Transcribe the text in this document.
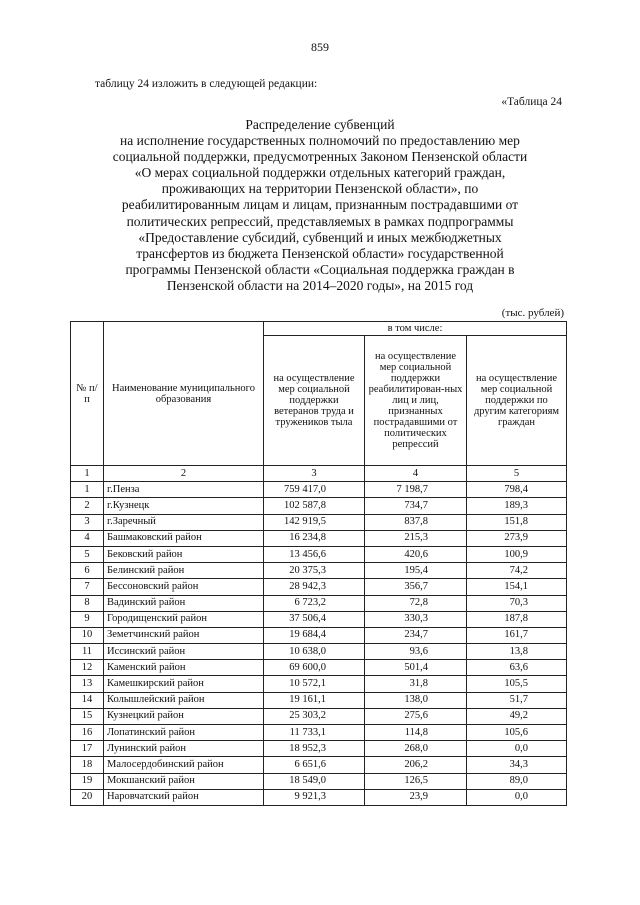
859
таблицу 24 изложить в следующей редакции:
«Таблица 24
Распределение субвенций
на исполнение государственных полномочий по предоставлению мер
социальной поддержки, предусмотренных Законом Пензенской области
«О мерах социальной поддержки отдельных категорий граждан,
проживающих на территории Пензенской области», по
реабилитированным лицам и лицам, признанным пострадавшими от
политических репрессий, представляемых в рамках подпрограммы
«Предоставление субсидий, субвенций и иных межбюджетных
трансфертов из бюджета Пензенской области» государственной
программы Пензенской области «Социальная поддержка граждан в
Пензенской области на 2014–2020 годы», на 2015 год
(тыс. рублей)
№ п/п	Наименование муниципального образования	в том числе:		
		на осуществление мер социальной поддержки ветеранов труда и тружеников тыла	на осуществление мер социальной поддержки реабилитирован-ных лиц и лиц, признанных пострадавшими от политических репрессий	на осуществление мер социальной поддержки по другим категориям граждан
1	2	3	4	5
1	г.Пенза	759 417,0	7 198,7	798,4
2	г.Кузнецк	102 587,8	734,7	189,3
3	г.Заречный	142 919,5	837,8	151,8
4	Башмаковский район	16 234,8	215,3	273,9
5	Бековский район	13 456,6	420,6	100,9
6	Белинский район	20 375,3	195,4	74,2
7	Бессоновский район	28 942,3	356,7	154,1
8	Вадинский район	6 723,2	72,8	70,3
9	Городищенский район	37 506,4	330,3	187,8
10	Земетчинский район	19 684,4	234,7	161,7
11	Иссинский район	10 638,0	93,6	13,8
12	Каменский район	69 600,0	501,4	63,6
13	Камешкирский район	10 572,1	31,8	105,5
14	Колышлейский район	19 161,1	138,0	51,7
15	Кузнецкий район	25 303,2	275,6	49,2
16	Лопатинский район	11 733,1	114,8	105,6
17	Лунинский район	18 952,3	268,0	0,0
18	Малосердобинский район	6 651,6	206,2	34,3
19	Мокшанский район	18 549,0	126,5	89,0
20	Наровчатский район	9 921,3	23,9	0,0
